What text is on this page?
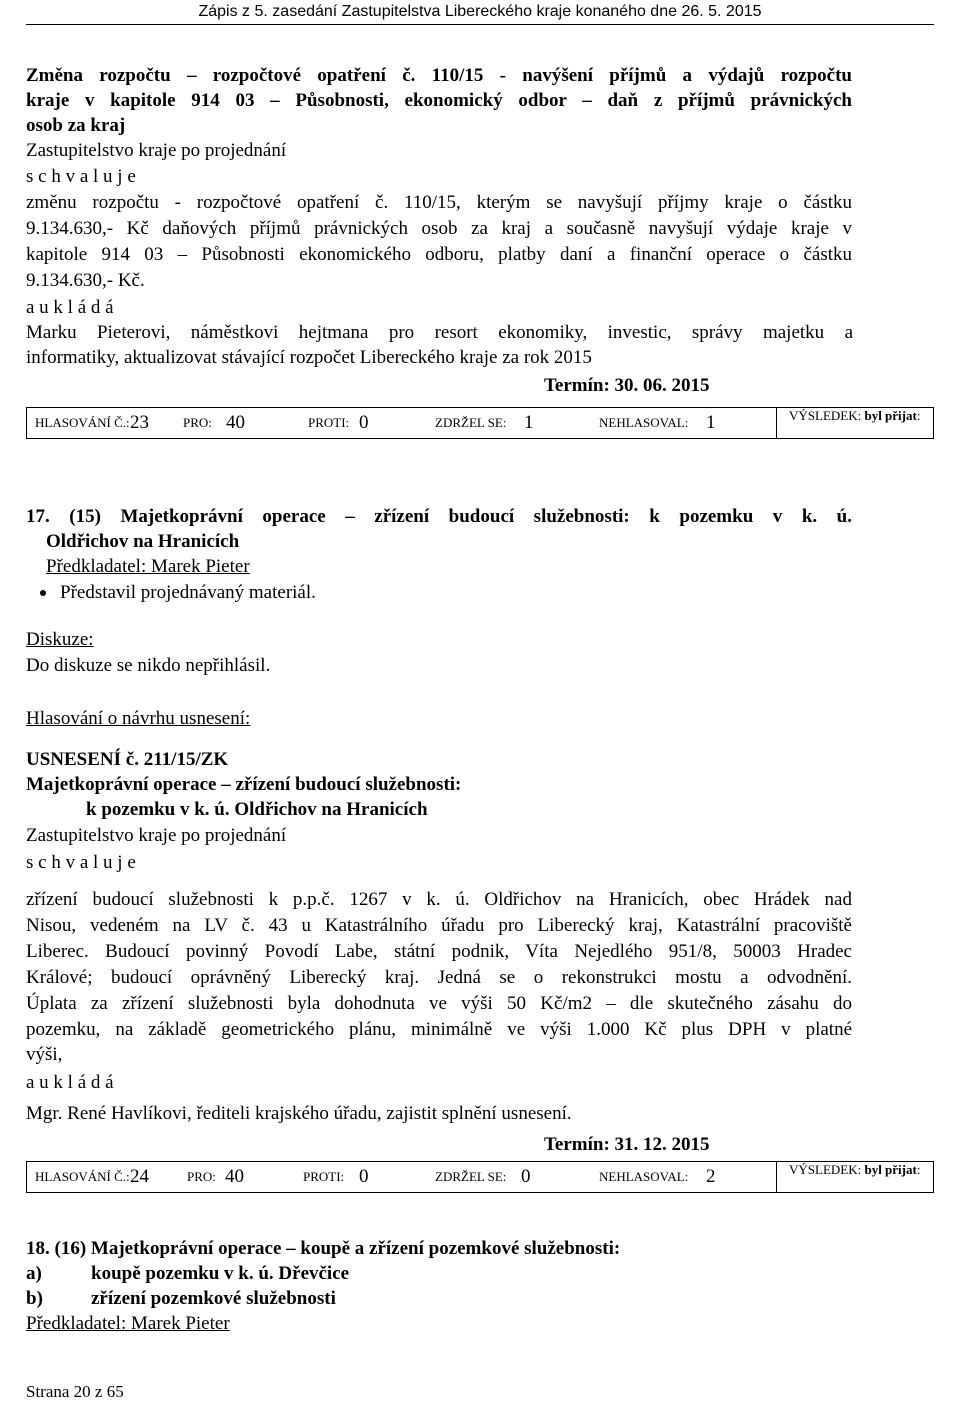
Zápis z 5. zasedání Zastupitelstva Libereckého kraje konaného dne 26. 5. 2015
Změna rozpočtu – rozpočtové opatření č. 110/15 - navýšení příjmů a výdajů rozpočtu
kraje v kapitole 914 03 – Působnosti, ekonomický odbor – daň z příjmů právnických
osob za kraj
Zastupitelstvo kraje po projednání
s c h v a l u j e
změnu rozpočtu - rozpočtové opatření č. 110/15, kterým se navyšují příjmy kraje o částku
9.134.630,- Kč daňových příjmů právnických osob za kraj a současně navyšují výdaje kraje v
kapitole 914 03 – Působnosti ekonomického odboru, platby daní a finanční operace o částku
9.134.630,- Kč.
a u k l á d á
Marku Pieterovi, náměstkovi hejtmana pro resort ekonomiky, investic, správy majetku a
informatiky, aktualizovat stávající rozpočet Libereckého kraje za rok 2015
Termín: 30. 06. 2015
HLASOVÁNÍ Č.: 23	PRO: 40	PROTI: 0	ZDRŽEL SE: 1	NEHLASOVAL: 1	VÝSLEDEK: byl přijat:
17. (15) Majetkoprávní operace – zřízení budoucí služebnosti: k pozemku v k. ú.
Oldřichov na Hranicích
Předkladatel: Marek Pieter
Představil projednávaný materiál.
Diskuze:
Do diskuze se nikdo nepřihlásil.
Hlasování o návrhu usnesení:
USNESENÍ č. 211/15/ZK
Majetkoprávní operace – zřízení budoucí služebnosti:
k pozemku v k. ú. Oldřichov na Hranicích
Zastupitelstvo kraje po projednání
s c h v a l u j e
zřízení budoucí služebnosti k p.p.č. 1267 v k. ú. Oldřichov na Hranicích, obec Hrádek nad
Nisou, vedeném na LV č. 43 u Katastrálního úřadu pro Liberecký kraj, Katastrální pracoviště
Liberec. Budoucí povinný Povodí Labe, státní podnik, Víta Nejedlého 951/8, 50003 Hradec
Králové; budoucí oprávněný Liberecký kraj. Jedná se o rekonstrukci mostu a odvodnění.
Úplata za zřízení služebnosti byla dohodnuta ve výši 50 Kč/m2 – dle skutečného zásahu do
pozemku, na základě geometrického plánu, minimálně ve výši 1.000 Kč plus DPH v platné
výši,
a u k l á d á
Mgr. René Havlíkovi, řediteli krajského úřadu, zajistit splnění usnesení.
Termín: 31. 12. 2015
HLASOVÁNÍ Č.: 24	PRO: 40	PROTI: 0	ZDRŽEL SE: 0	NEHLASOVAL: 2	VÝSLEDEK: byl přijat:
18. (16) Majetkoprávní operace – koupě a zřízení pozemkové služebnosti:
a)	koupě pozemku v k. ú. Dřevčice
b)	zřízení pozemkové služebnosti
Předkladatel: Marek Pieter
Strana 20 z 65
